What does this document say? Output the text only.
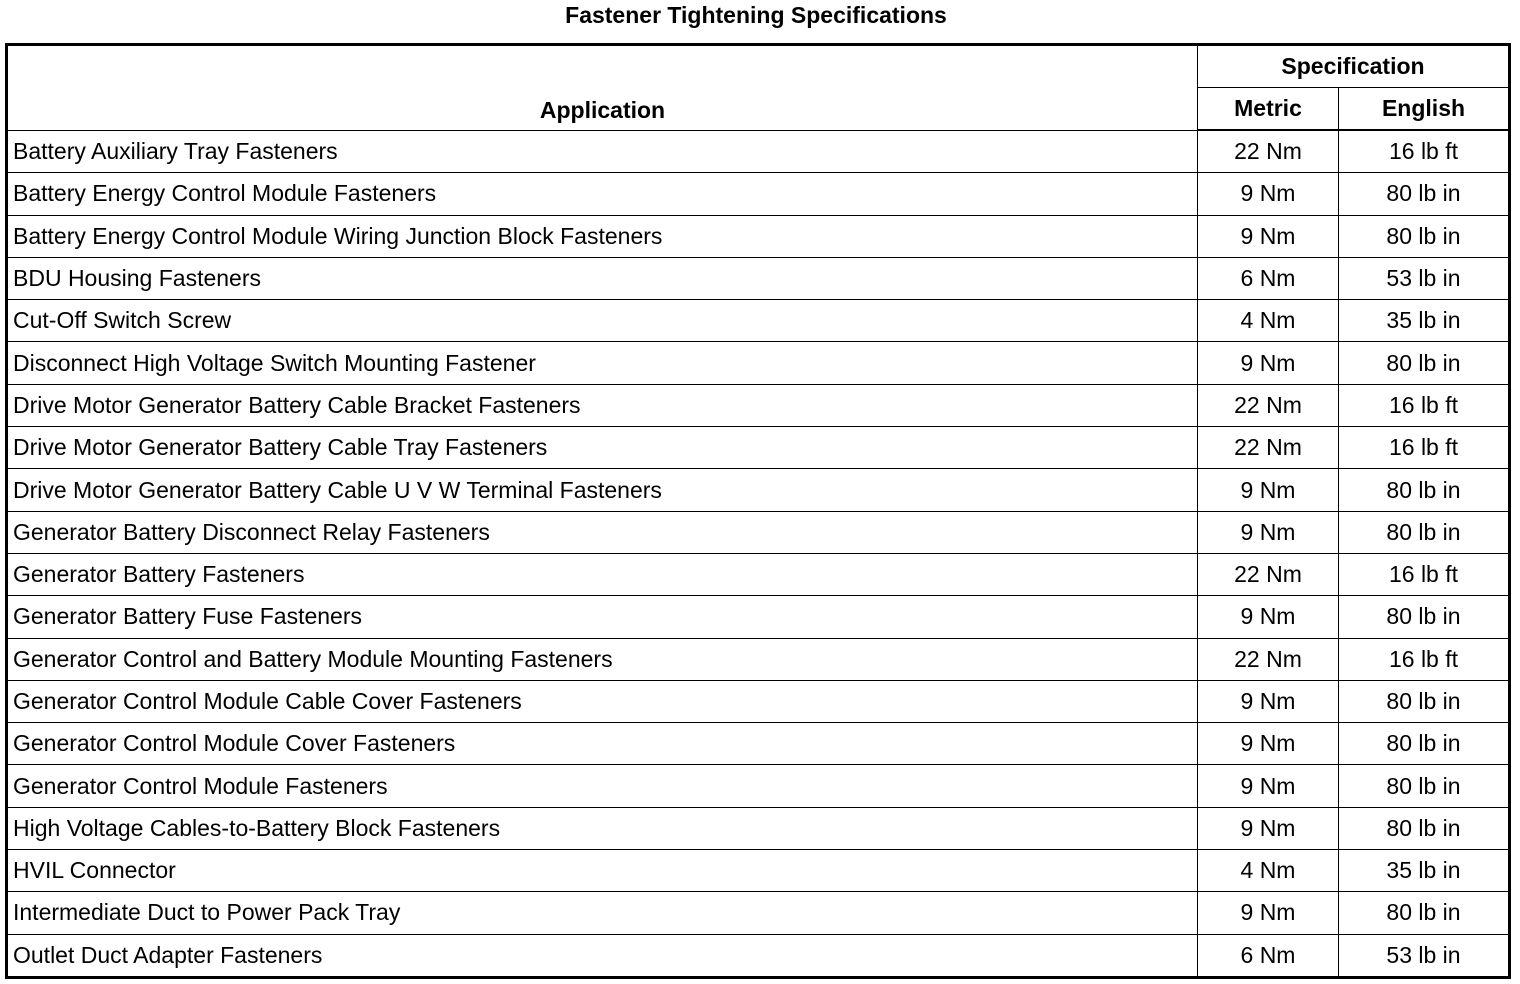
Fastener Tightening Specifications
Application	Specification	
	Metric	English
Battery Auxiliary Tray Fasteners	22 Nm	16 lb ft
Battery Energy Control Module Fasteners	9 Nm	80 lb in
Battery Energy Control Module Wiring Junction Block Fasteners	9 Nm	80 lb in
BDU Housing Fasteners	6 Nm	53 lb in
Cut-Off Switch Screw	4 Nm	35 lb in
Disconnect High Voltage Switch Mounting Fastener	9 Nm	80 lb in
Drive Motor Generator Battery Cable Bracket Fasteners	22 Nm	16 lb ft
Drive Motor Generator Battery Cable Tray Fasteners	22 Nm	16 lb ft
Drive Motor Generator Battery Cable U V W Terminal Fasteners	9 Nm	80 lb in
Generator Battery Disconnect Relay Fasteners	9 Nm	80 lb in
Generator Battery Fasteners	22 Nm	16 lb ft
Generator Battery Fuse Fasteners	9 Nm	80 lb in
Generator Control and Battery Module Mounting Fasteners	22 Nm	16 lb ft
Generator Control Module Cable Cover Fasteners	9 Nm	80 lb in
Generator Control Module Cover Fasteners	9 Nm	80 lb in
Generator Control Module Fasteners	9 Nm	80 lb in
High Voltage Cables-to-Battery Block Fasteners	9 Nm	80 lb in
HVIL Connector	4 Nm	35 lb in
Intermediate Duct to Power Pack Tray	9 Nm	80 lb in
Outlet Duct Adapter Fasteners	6 Nm	53 lb in
